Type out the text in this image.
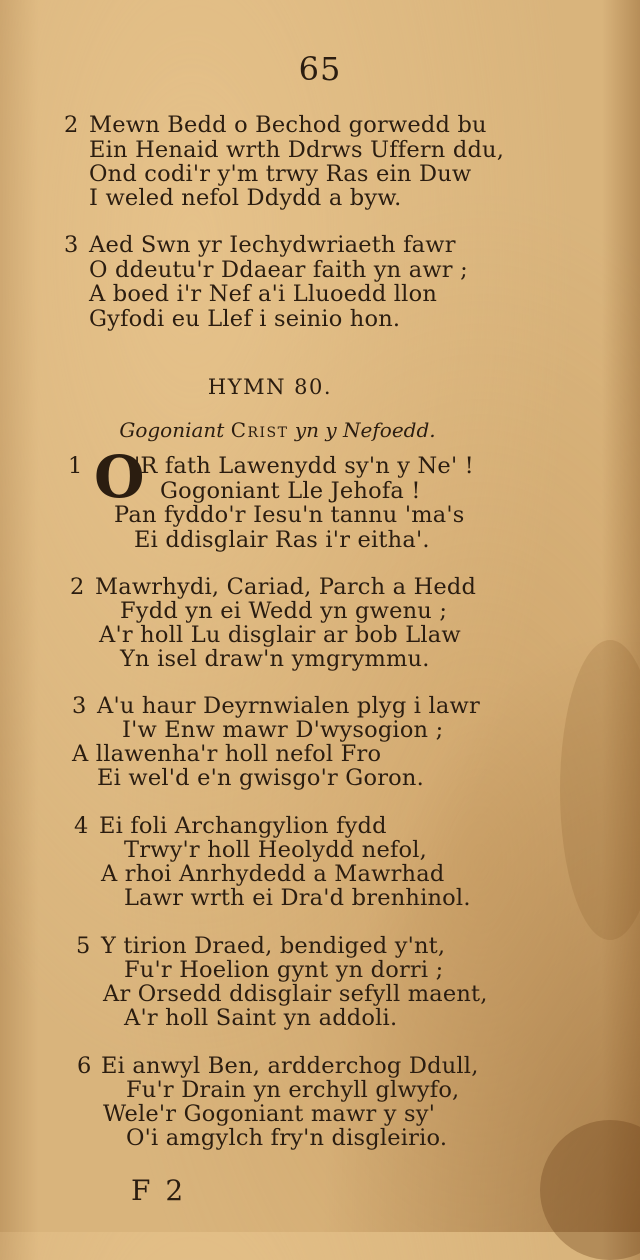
65
2 Mewn Bedd o Bechod gorwedd bu
Ein Henaid wrth Ddrws Uffern ddu,
Ond codi'r y'm trwy Ras ein Duw
I weled nefol Ddydd a byw.
3 Aed Swn yr Iechydwriaeth fawr
O ddeutu'r Ddaear faith yn awr ;
A boed i'r Nef a'i Lluoedd llon
Gyfodi eu Llef i seinio hon.
HYMN 80.
Gogoniant Crist yn y Nefoedd.
1 O
'R fath Lawenydd sy'n y Ne' !
Gogoniant Lle Jehofa !
Pan fyddo'r Iesu'n tannu 'ma's
Ei ddisglair Ras i'r eitha'.
2 Mawrhydi, Cariad, Parch a Hedd
Fydd yn ei Wedd yn gwenu ;
A'r holl Lu disglair ar bob Llaw
Yn isel draw'n ymgrymmu.
3 A'u haur Deyrnwialen plyg i lawr
I'w Enw mawr D'wysogion ;
A llawenha'r holl nefol Fro
Ei wel'd e'n gwisgo'r Goron.
4 Ei foli Archangylion fydd
Trwy'r holl Heolydd nefol,
A rhoi Anrhydedd a Mawrhad
Lawr wrth ei Dra'd brenhinol.
5 Y tirion Draed, bendiged y'nt,
Fu'r Hoelion gynt yn dorri ;
Ar Orsedd ddisglair sefyll maent,
A'r holl Saint yn addoli.
6 Ei anwyl Ben, ardderchog Ddull,
Fu'r Drain yn erchyll glwyfo,
Wele'r Gogoniant mawr y sy'
O'i amgylch fry'n disgleirio.
F 2
